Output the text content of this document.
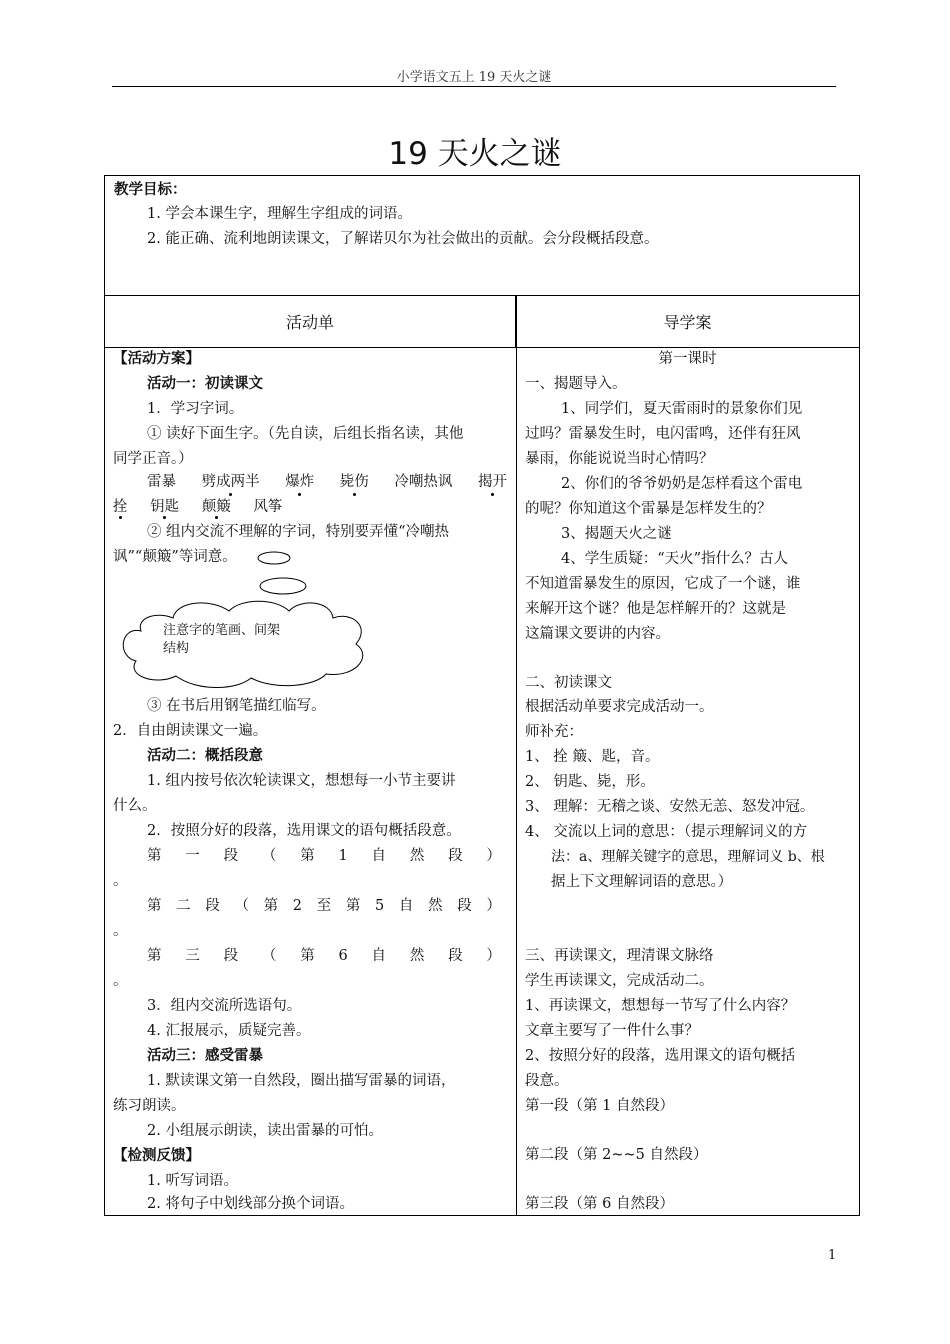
小学语文五上 19 天火之谜
19 天火之谜
教学目标：
1. 学会本课生字，理解生字组成的词语。
2. 能正确、流利地朗读课文，了解诺贝尔为社会做出的贡献。会分段概括段意。
活动单	导学案
【活动方案】
活动一：初读课文
1．学习字词。
① 读好下面生字。（先自读，后组长指名读，其他
同学正音。）
雷暴 劈成两半 爆炸 毙伤 冷嘲热讽 揭开
拴 钥匙 颠簸 风筝
② 组内交流不理解的字词，特别要弄懂“冷嘲热
讽”“颠簸”等词意。
注意字的笔画、间架结构
③ 在书后用钢笔描红临写。
2．自由朗读课文一遍。
活动二：概括段意
1. 组内按号依次轮读课文，想想每一小节主要讲
什么。
2．按照分好的段落，选用课文的语句概括段意。
第 一 段 （ 第 1 自 然 段 ）
。
第 二 段 （ 第 2 至 第 5 自 然 段 ）
。
第 三 段 （ 第 6 自 然 段 ）
。
3．组内交流所选语句。
4. 汇报展示，质疑完善。
活动三：感受雷暴
1. 默读课文第一自然段，圈出描写雷暴的词语，
练习朗读。
2. 小组展示朗读，读出雷暴的可怕。
【检测反馈】
1. 听写词语。
2. 将句子中划线部分换个词语。
第一课时
一、揭题导入。
1、同学们，夏天雷雨时的景象你们见
过吗？雷暴发生时，电闪雷鸣，还伴有狂风
暴雨，你能说说当时心情吗？
2、你们的爷爷奶奶是怎样看这个雷电
的呢？你知道这个雷暴是怎样发生的？
3、揭题天火之谜
4、学生质疑：“天火”指什么？古人
不知道雷暴发生的原因，它成了一个谜，谁
来解开这个谜？他是怎样解开的？这就是
这篇课文要讲的内容。
二、初读课文
根据活动单要求完成活动一。
师补充：
1、 拴 簸、匙，音。
2、 钥匙、毙，形。
3、 理解：无稽之谈、安然无恙、怒发冲冠。
4、 交流以上词的意思：（提示理解词义的方
法：a、理解关键字的意思，理解词义 b、根
据上下文理解词语的意思。）
三、再读课文，理清课文脉络
学生再读课文，完成活动二。
1、再读课文，想想每一节写了什么内容？
文章主要写了一件什么事？
2、按照分好的段落，选用课文的语句概括
段意。
第一段（第 1 自然段）
第二段（第 2~~5 自然段）
第三段（第 6 自然段）
1
